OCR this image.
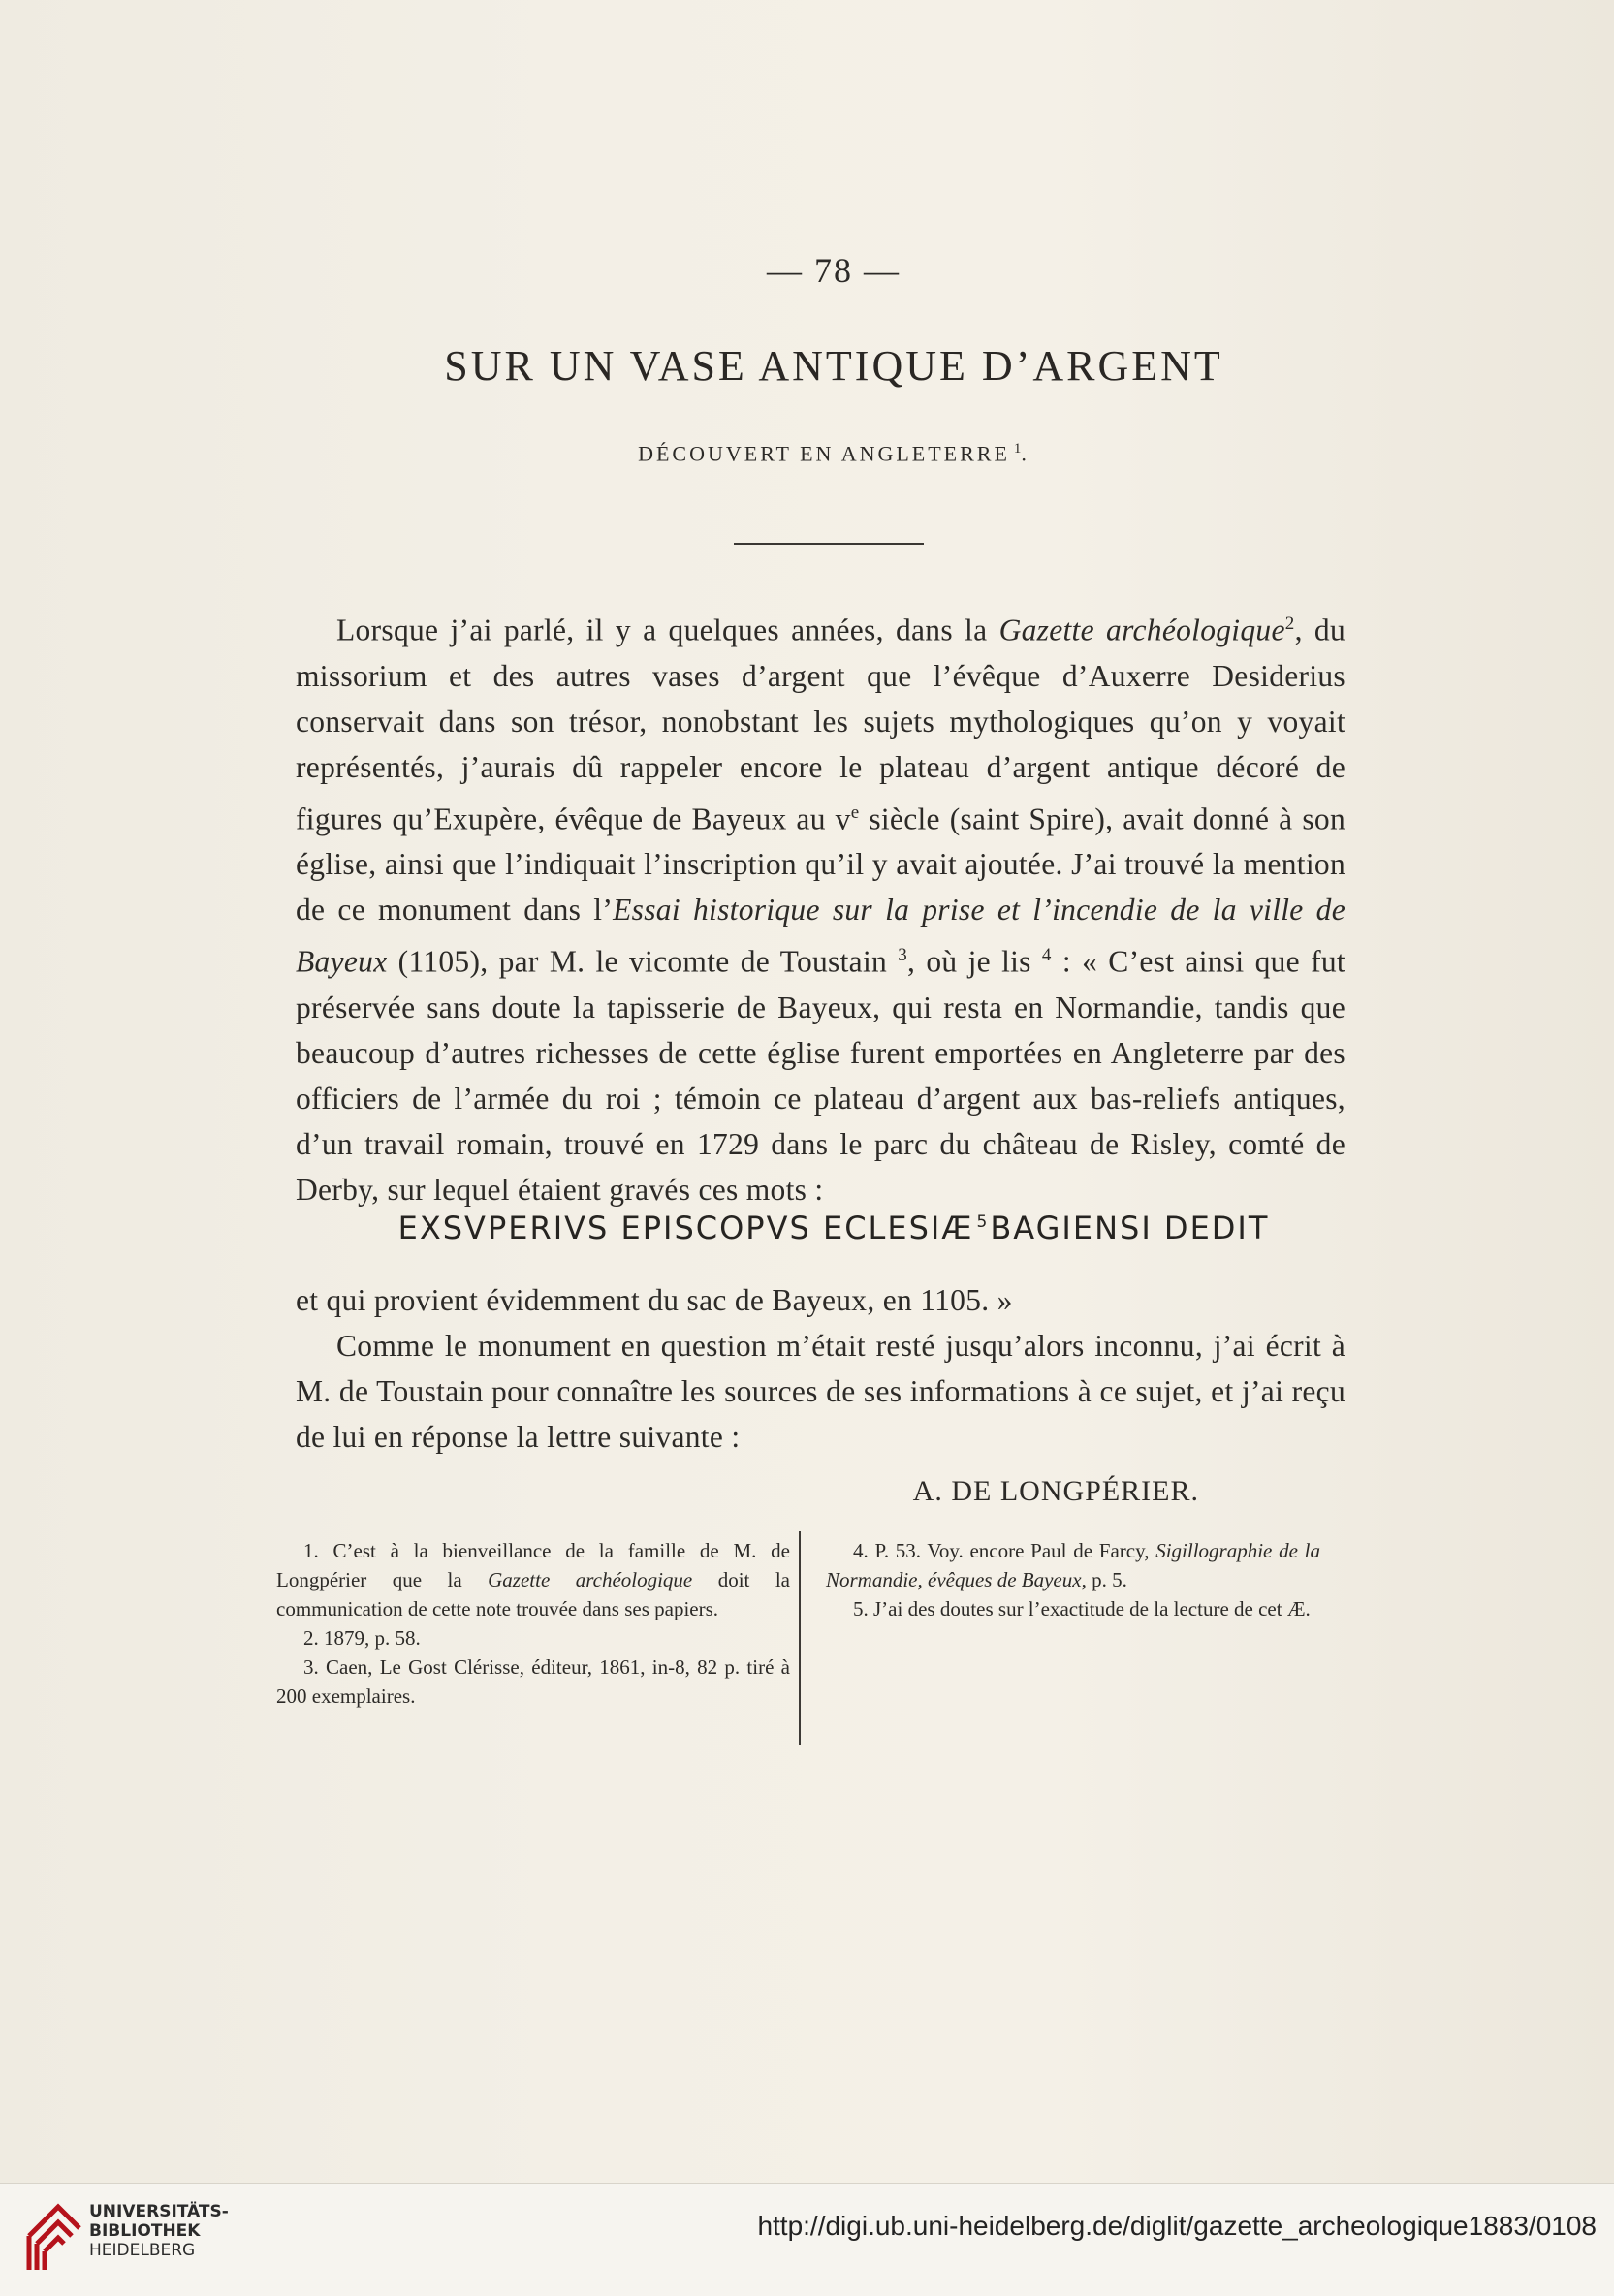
— 78 —
SUR UN VASE ANTIQUE D’ARGENT
DÉCOUVERT EN ANGLETERRE $^1$.

Lorsque j’ai parlé, il y a quelques années, dans la Gazette archéologique$^2$, du missorium et des autres vases d’argent que l’évêque d’Auxerre Desiderius conservait dans son trésor, nonobstant les sujets mythologiques qu’on y voyait représentés, j’aurais dû rappeler encore le plateau d’argent antique décoré de figures qu’Exupère, évêque de Bayeux au $v^e$ siècle (saint Spire), avait donné à son église, ainsi que l’indiquait l’inscription qu’il y avait ajoutée. J’ai trouvé la mention de ce monument dans l’Essai historique sur la prise et l’incendie de la ville de Bayeux (1105), par M. le vicomte de Toustain $^3$, où je lis $^4$ : « C’est ainsi que fut préservée sans doute la tapisserie de Bayeux, qui resta en Normandie, tandis que beaucoup d’autres richesses de cette église furent emportées en Angleterre par des officiers de l’armée du roi ; témoin ce plateau d’argent aux bas-reliefs antiques, d’un travail romain, trouvé en 1729 dans le parc du château de Risley, comté de Derby, sur lequel étaient gravés ces mots :

EXSVPERIVS EPISCOPVS ECLESIÆ $^5$BAGIENSI DEDIT

et qui provient évidemment du sac de Bayeux, en 1105. »

Comme le monument en question m’était resté jusqu’alors inconnu, j’ai écrit à M. de Toustain pour connaître les sources de ses informations à ce sujet, et j’ai reçu de lui en réponse la lettre suivante :

A. DE LONGPÉRIER.

1. C’est à la bienveillance de la famille de M. de Longpérier que la Gazette archéologique doit la communication de cette note trouvée dans ses papiers.

2. 1879, p. 58.

3. Caen, Le Gost Clérisse, éditeur, 1861, in-8, 82 p. tiré à 200 exemplaires.

4. P. 53. Voy. encore Paul de Farcy, Sigillographie de la Normandie, évêques de Bayeux, p. 5.

5. J’ai des doutes sur l’exactitude de la lecture de cet Æ.

UNIVERSITÄTS-
BIBLIOTHEK
HEIDELBERG
http://digi.ub.uni-heidelberg.de/diglit/gazette_archeologique1883/0108
